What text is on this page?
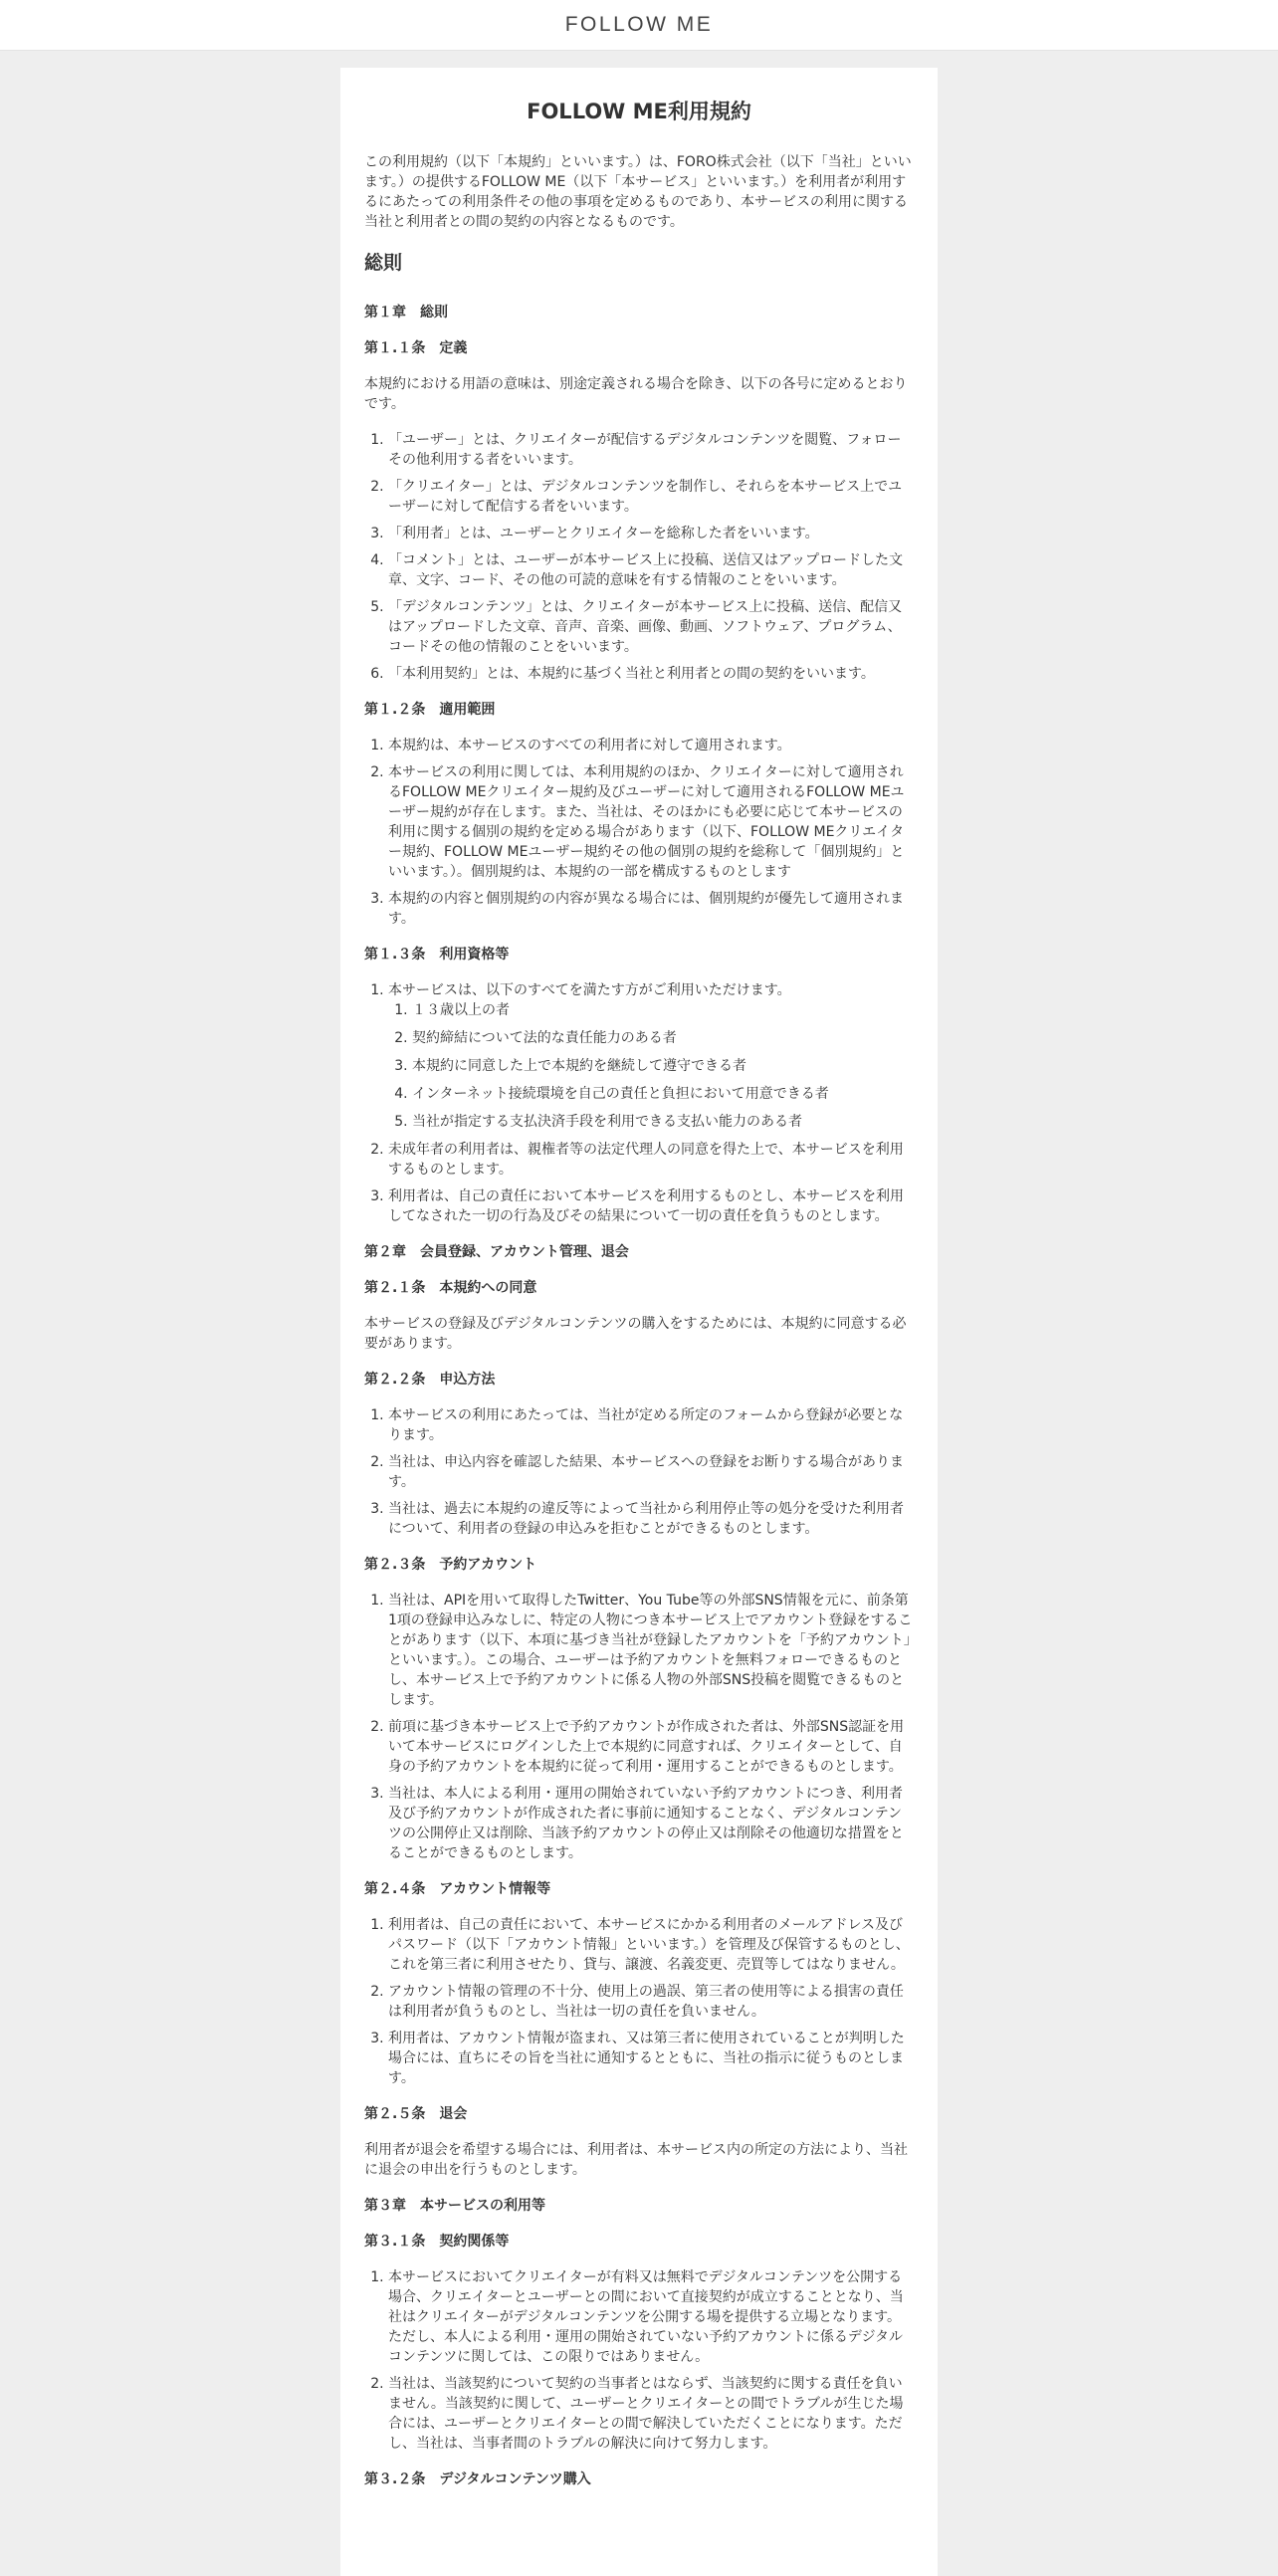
FOLLOW ME
FOLLOW ME利用規約

この利用規約（以下「本規約」といいます。）は、FORO株式会社（以下「当社」といいます。）の提供するFOLLOW ME（以下「本サービス」といいます。）を利用者が利用するにあたっての利用条件その他の事項を定めるものであり、本サービスの利用に関する当社と利用者との間の契約の内容となるものです。

総則
第１章　総則
第１.１条　定義

本規約における用語の意味は、別途定義される場合を除き、以下の各号に定めるとおりです。

1. 「ユーザー」とは、クリエイターが配信するデジタルコンテンツを閲覧、フォローその他利用する者をいいます。
2. 「クリエイター」とは、デジタルコンテンツを制作し、それらを本サービス上でユーザーに対して配信する者をいいます。
3. 「利用者」とは、ユーザーとクリエイターを総称した者をいいます。
4. 「コメント」とは、ユーザーが本サービス上に投稿、送信又はアップロードした文章、文字、コード、その他の可読的意味を有する情報のことをいいます。
5. 「デジタルコンテンツ」とは、クリエイターが本サービス上に投稿、送信、配信又はアップロードした文章、音声、音楽、画像、動画、ソフトウェア、プログラム、コードその他の情報のことをいいます。
6. 「本利用契約」とは、本規約に基づく当社と利用者との間の契約をいいます。
第１.２条　適用範囲
1. 本規約は、本サービスのすべての利用者に対して適用されます。
2. 本サービスの利用に関しては、本利用規約のほか、クリエイターに対して適用されるFOLLOW MEクリエイター規約及びユーザーに対して適用されるFOLLOW MEユーザー規約が存在します。また、当社は、そのほかにも必要に応じて本サービスの利用に関する個別の規約を定める場合があります（以下、FOLLOW MEクリエイター規約、FOLLOW MEユーザー規約その他の個別の規約を総称して「個別規約」といいます。）。個別規約は、本規約の一部を構成するものとします
3. 本規約の内容と個別規約の内容が異なる場合には、個別規約が優先して適用されます。
第１.３条　利用資格等
1. 本サービスは、以下のすべてを満たす方がご利用いただけます。
1. １３歳以上の者
2. 契約締結について法的な責任能力のある者
3. 本規約に同意した上で本規約を継続して遵守できる者
4. インターネット接続環境を自己の責任と負担において用意できる者
5. 当社が指定する支払決済手段を利用できる支払い能力のある者
2. 未成年者の利用者は、親権者等の法定代理人の同意を得た上で、本サービスを利用するものとします。
3. 利用者は、自己の責任において本サービスを利用するものとし、本サービスを利用してなされた一切の行為及びその結果について一切の責任を負うものとします。
第２章　会員登録、アカウント管理、退会
第２.１条　本規約への同意

本サービスの登録及びデジタルコンテンツの購入をするためには、本規約に同意する必要があります。

第２.２条　申込方法
1. 本サービスの利用にあたっては、当社が定める所定のフォームから登録が必要となります。
2. 当社は、申込内容を確認した結果、本サービスへの登録をお断りする場合があります。
3. 当社は、過去に本規約の違反等によって当社から利用停止等の処分を受けた利用者について、利用者の登録の申込みを拒むことができるものとします。
第２.３条　予約アカウント
1. 当社は、APIを用いて取得したTwitter、You Tube等の外部SNS情報を元に、前条第1項の登録申込みなしに、特定の人物につき本サービス上でアカウント登録をすることがあります（以下、本項に基づき当社が登録したアカウントを「予約アカウント」といいます。）。この場合、ユーザーは予約アカウントを無料フォローできるものとし、本サービス上で予約アカウントに係る人物の外部SNS投稿を閲覧できるものとします。
2. 前項に基づき本サービス上で予約アカウントが作成された者は、外部SNS認証を用いて本サービスにログインした上で本規約に同意すれば、クリエイターとして、自身の予約アカウントを本規約に従って利用・運用することができるものとします。
3. 当社は、本人による利用・運用の開始されていない予約アカウントにつき、利用者及び予約アカウントが作成された者に事前に通知することなく、デジタルコンテンツの公開停止又は削除、当該予約アカウントの停止又は削除その他適切な措置をとることができるものとします。
第２.４条　アカウント情報等
1. 利用者は、自己の責任において、本サービスにかかる利用者のメールアドレス及びパスワード（以下「アカウント情報」といいます。）を管理及び保管するものとし、これを第三者に利用させたり、貸与、譲渡、名義変更、売買等してはなりません。
2. アカウント情報の管理の不十分、使用上の過誤、第三者の使用等による損害の責任は利用者が負うものとし、当社は一切の責任を負いません。
3. 利用者は、アカウント情報が盗まれ、又は第三者に使用されていることが判明した場合には、直ちにその旨を当社に通知するとともに、当社の指示に従うものとします。
第２.５条　退会

利用者が退会を希望する場合には、利用者は、本サービス内の所定の方法により、当社に退会の申出を行うものとします。

第３章　本サービスの利用等
第３.１条　契約関係等
1. 本サービスにおいてクリエイターが有料又は無料でデジタルコンテンツを公開する場合、クリエイターとユーザーとの間において直接契約が成立することとなり、当社はクリエイターがデジタルコンテンツを公開する場を提供する立場となります。ただし、本人による利用・運用の開始されていない予約アカウントに係るデジタルコンテンツに関しては、この限りではありません。
2. 当社は、当該契約について契約の当事者とはならず、当該契約に関する責任を負いません。当該契約に関して、ユーザーとクリエイターとの間でトラブルが生じた場合には、ユーザーとクリエイターとの間で解決していただくことになります。ただし、当社は、当事者間のトラブルの解決に向けて努力します。
第３.２条　デジタルコンテンツ購入
